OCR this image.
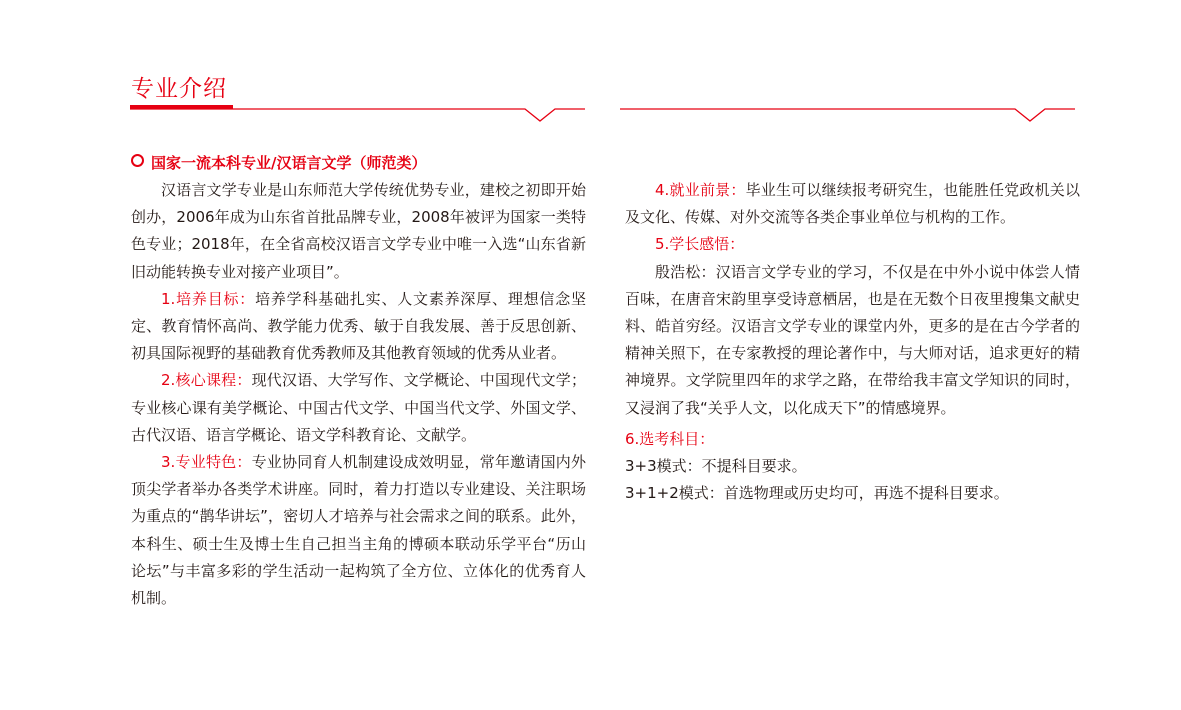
专业介绍

国家一流本科专业/汉语言文学（师范类）

汉语言文学专业是山东师范大学传统优势专业，建校之初即开始创办，2006年成为山东省首批品牌专业，2008年被评为国家一类特色专业；2018年，在全省高校汉语言文学专业中唯一入选“山东省新旧动能转换专业对接产业项目”。

1.培养目标：培养学科基础扎实、人文素养深厚、理想信念坚定、教育情怀高尚、教学能力优秀、敏于自我发展、善于反思创新、初具国际视野的基础教育优秀教师及其他教育领域的优秀从业者。

2.核心课程：现代汉语、大学写作、文学概论、中国现代文学；专业核心课有美学概论、中国古代文学、中国当代文学、外国文学、古代汉语、语言学概论、语文学科教育论、文献学。

3.专业特色：专业协同育人机制建设成效明显，常年邀请国内外顶尖学者举办各类学术讲座。同时，着力打造以专业建设、关注职场为重点的“鹊华讲坛”，密切人才培养与社会需求之间的联系。此外，本科生、硕士生及博士生自己担当主角的博硕本联动乐学平台“历山论坛”与丰富多彩的学生活动一起构筑了全方位、立体化的优秀育人机制。

4.就业前景：毕业生可以继续报考研究生，也能胜任党政机关以及文化、传媒、对外交流等各类企事业单位与机构的工作。

5.学长感悟：

殷浩松：汉语言文学专业的学习，不仅是在中外小说中体尝人情百味，在唐音宋韵里享受诗意栖居，也是在无数个日夜里搜集文献史料、皓首穷经。汉语言文学专业的课堂内外，更多的是在古今学者的精神关照下，在专家教授的理论著作中，与大师对话，追求更好的精神境界。文学院里四年的求学之路，在带给我丰富文学知识的同时，又浸润了我“关乎人文，以化成天下”的情感境界。

6.选考科目：

3+3模式：不提科目要求。

3+1+2模式：首选物理或历史均可，再选不提科目要求。
